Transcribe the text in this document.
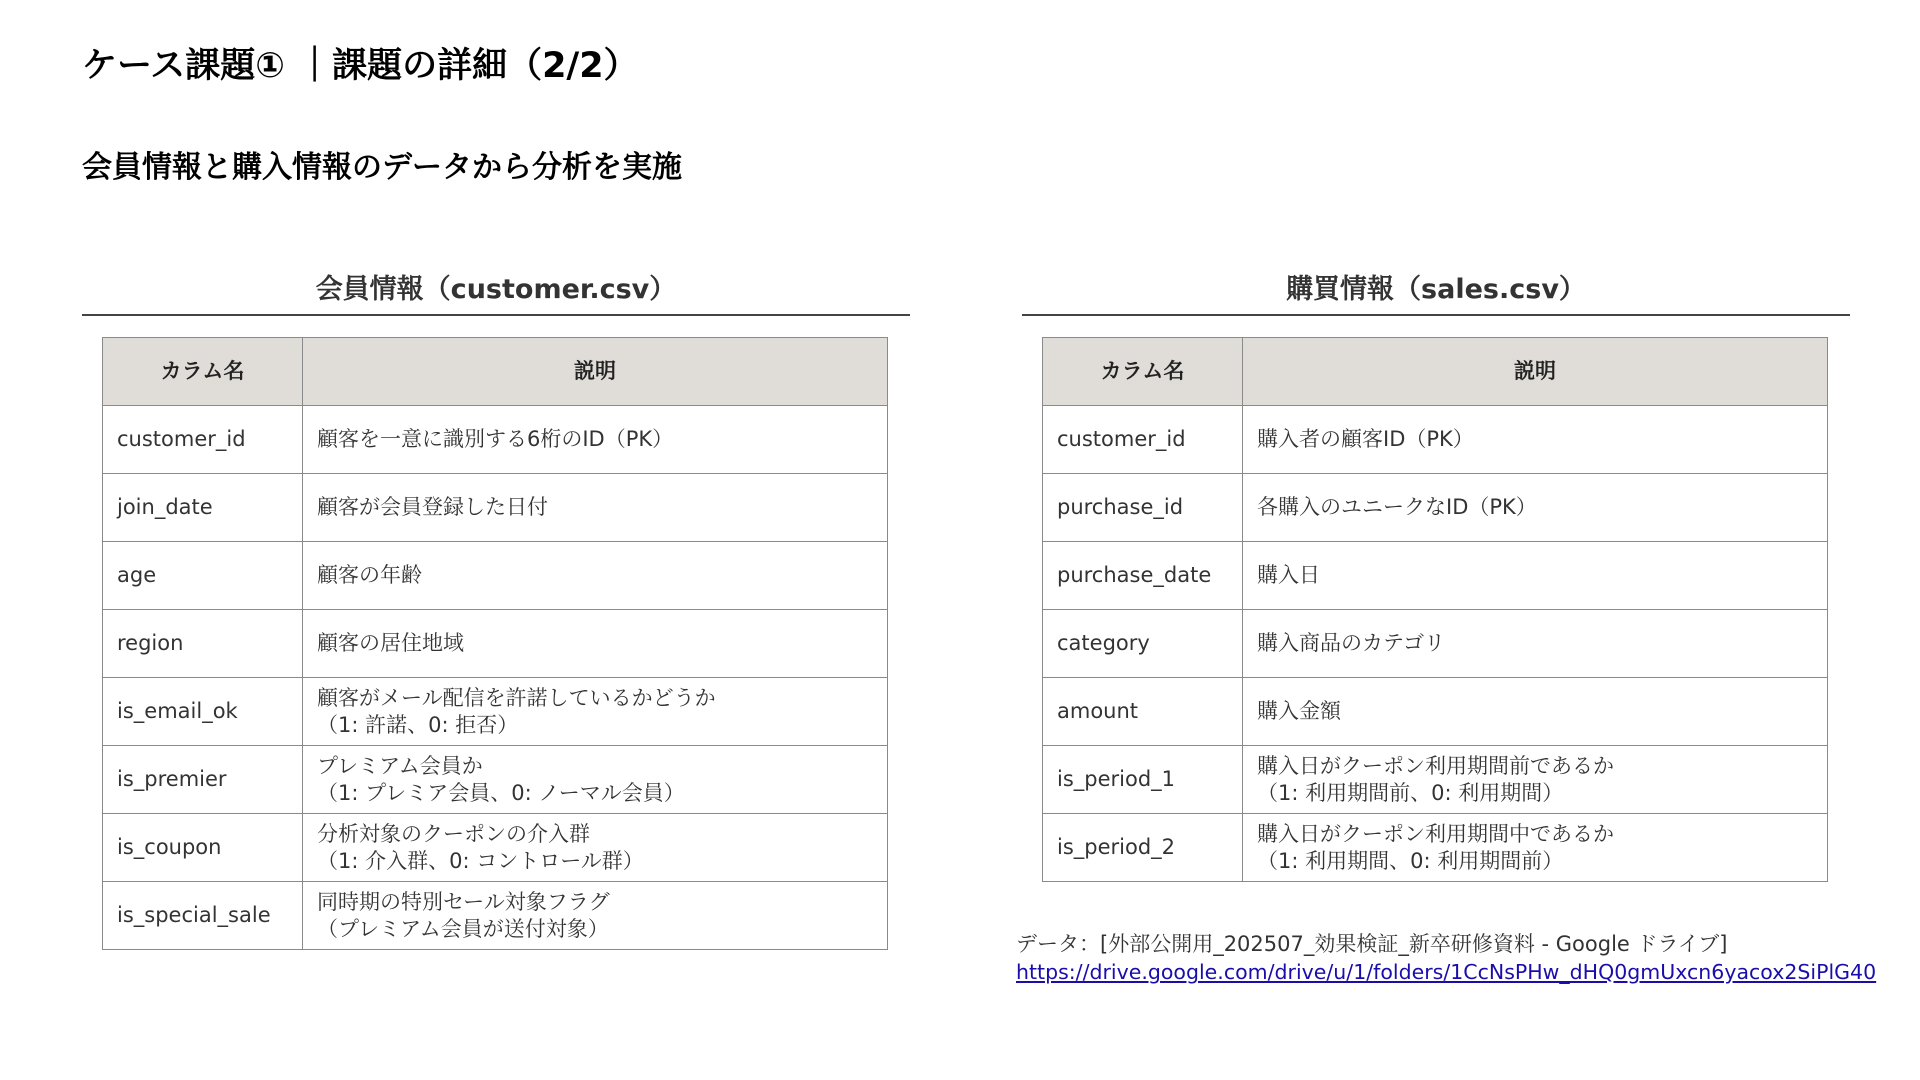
ケース課題① ｜課題の詳細（2/2）
会員情報と購入情報のデータから分析を実施
会員情報（customer.csv）
カラム名	説明
customer_id	顧客を一意に識別する6桁のID（PK）
join_date	顧客が会員登録した日付
age	顧客の年齢
region	顧客の居住地域
is_email_ok	顧客がメール配信を許諾しているかどうか
（1: 許諾、0: 拒否）

is_premier	プレミアム会員か
（1: プレミア会員、0: ノーマル会員）

is_coupon	分析対象のクーポンの介入群
（1: 介入群、0: コントロール群）

is_special_sale	同時期の特別セール対象フラグ
（プレミアム会員が送付対象）
購買情報（sales.csv）
カラム名	説明
customer_id	購入者の顧客ID（PK）
purchase_id	各購入のユニークなID（PK）
purchase_date	購入日
category	購入商品のカテゴリ
amount	購入金額
is_period_1	購入日がクーポン利用期間前であるか
（1: 利用期間前、0: 利用期間）

is_period_2	購入日がクーポン利用期間中であるか
（1: 利用期間、0: 利用期間前）
データ：[外部公開用_202507_効果検証_新卒研修資料 - Google ドライブ]
https://drive.google.com/drive/u/1/folders/1CcNsPHw_dHQ0gmUxcn6yacox2SiPlG40
